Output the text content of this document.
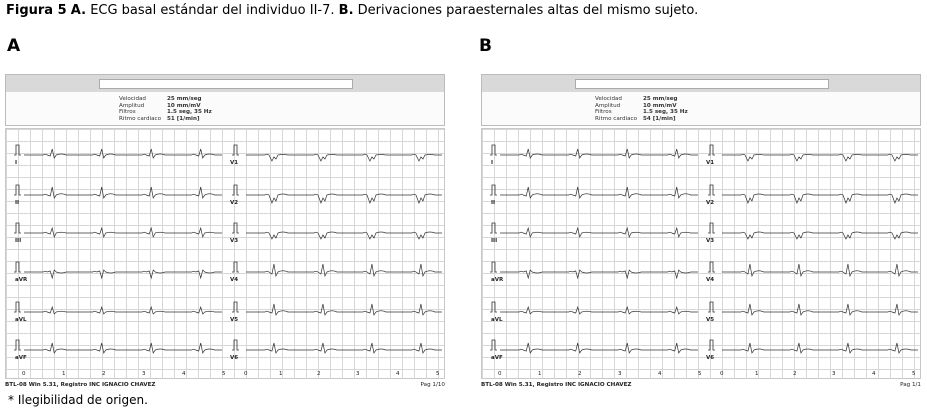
Figura 5 A. ECG basal estándar del individuo II-7. B. Derivaciones paraesternales altas del mismo sujeto.
A	B
Velocidad	25 mm/seg
Amplitud	10 mm/mV
Filtros	1.5 seg, 35 Hz
Ritmo cardiaco	51 [1/min]
I
II
III
aVR
aVL
aVF
V1
V2
V3
V4
V5
V6
0	1	2	3	4	5	0	1	2	3	4	5
BTL-08 Win 5.31, Registro INC IGNACIO CHAVEZ	Pag 1/10
Velocidad	25 mm/seg
Amplitud	10 mm/mV
Filtros	1.5 seg, 35 Hz
Ritmo cardiaco	54 [1/min]
I
II
III
aVR
aVL
aVF
V1
V2
V3
V4
V5
V6
0	1	2	3	4	5	0	1	2	3	4	5
BTL-08 Win 5.31, Registro INC IGNACIO CHAVEZ	Pag 1/1
* Ilegibilidad de origen.
